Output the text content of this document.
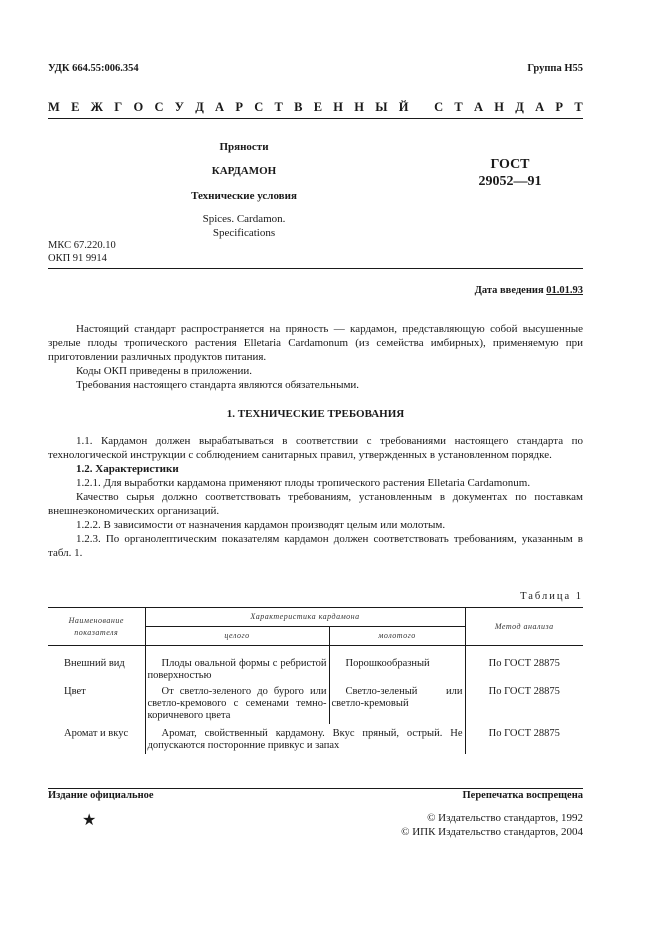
УДК 664.55:006.354	Группа Н55
М Е Ж Г О С У Д А Р С Т В Е Н Н Ы Й
С Т А Н Д А Р Т
Пряности
КАРДАМОН
Технические условия
Spices. Cardamon.
Specifications
ГОСТ
29052—91
МКС 67.220.10
ОКП 91 9914
Дата введения 01.01.93

Настоящий стандарт распространяется на пряность — кардамон, представляющую собой высушенные зрелые плоды тропического растения Elletaria Cardamonum (из семейства имбирных), применяемую при приготовлении различных продуктов питания.

Коды ОКП приведены в приложении.

Требования настоящего стандарта являются обязательными.

1. ТЕХНИЧЕСКИЕ ТРЕБОВАНИЯ

1.1. Кардамон должен вырабатываться в соответствии с требованиями настоящего стандарта по технологической инструкции с соблюдением санитарных правил, утвержденных в установленном порядке.

1.2. Характеристики

1.2.1. Для выработки кардамона применяют плоды тропического растения Elletaria Cardamonum.

Качество сырья должно соответствовать требованиям, установленным в документах по поставкам внешнеэкономических организаций.

1.2.2. В зависимости от назначения кардамон производят целым или молотым.

1.2.3. По органолептическим показателям кардамон должен соответствовать требованиям, указанным в табл. 1.

Таблица 1
Наименование показателя	Характеристика кардамона		Метод анализа
	целого	молотого	
Внешний вид	Плоды овальной формы с ребристой поверхностью	Порошкообразный	По ГОСТ 28875
Цвет	От светло-зеленого до бурого или светло-кремового с семенами темно-коричневого цвета	Светло-зеленый или светло-кремовый	По ГОСТ 28875
Аромат и вкус	Аромат, свойственный кардамону. Вкус пряный, острый. Не допускаются посторонние привкус и запах		По ГОСТ 28875
Издание официальное	Перепечатка воспрещена
★	© Издательство стандартов, 1992
© ИПК Издательство стандартов, 2004
